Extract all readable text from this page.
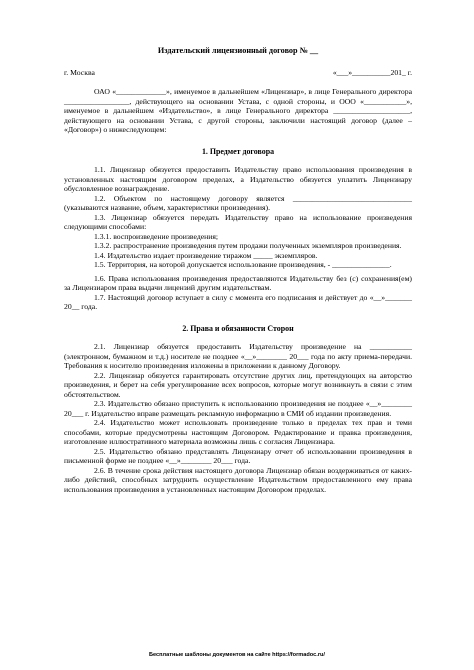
Издательский лицензионный договор № __
г. Москва	«___»__________201_ г.

ОАО «_____________», именуемое в дальнейшем «Лицензиар», в лице Генерального директора _________________, действующего на основании Устава, с одной стороны, и ООО «___________», именуемое в дальнейшем «Издательство», в лице Генерального директора ____________________, действующего на основании Устава, с другой стороны, заключили настоящий договор (далее – «Договор») о нижеследующем:

1. Предмет договора

1.1. Лицензиар обязуется предоставить Издательству право использования произведения в установленных настоящим договором пределах, а Издательство обязуется уплатить Лицензиару обусловленное вознаграждение.

1.2. Объектом по настоящему договору является _______________________________ (указываются название, объем, характеристики произведения).

1.3. Лицензиар обязуется передать Издательству право на использование произведения следующими способами:

1.3.1. воспроизведение произведения;

1.3.2. распространение произведения путем продажи полученных экземпляров произведения.

1.4. Издательство издает произведение тиражом _____ экземпляров.

1.5. Территория, на которой допускается использование произведения, - _______________.

1.6. Права использования произведения предоставляются Издательству без (с) сохранения(ем) за Лицензиаром права выдачи лицензий другим издательствам.

1.7. Настоящий договор вступает в силу с момента его подписания и действует до «__»_______ 20__ года.

2. Права и обязанности Сторон

2.1. Лицензиар обязуется предоставить Издательству произведение на ___________ (электронном, бумажном и т.д.) носителе не позднее «__»________ 20___ года по акту приема-передачи. Требования к носителю произведения изложены в приложении к данному Договору.

2.2. Лицензиар обязуется гарантировать отсутствие других лиц, претендующих на авторство произведения, и берет на себя урегулирование всех вопросов, которые могут возникнуть в связи с этим обстоятельством.

2.3. Издательство обязано приступить к использованию произведения не позднее «__»________ 20___ г. Издательство вправе размещать рекламную информацию в СМИ об издании произведения.

2.4. Издательство может использовать произведение только в пределах тех прав и теми способами, которые предусмотрены настоящим Договором. Редактирование и правка произведения, изготовление иллюстративного материала возможны лишь с согласия Лицензиара.

2.5. Издательство обязано представлять Лицензиару отчет об использовании произведения в письменной форме не позднее «__»________ 20___ года.

2.6. В течение срока действия настоящего договора Лицензиар обязан воздерживаться от каких-либо действий, способных затруднить осуществление Издательством предоставленного ему права использования произведения в установленных настоящим Договором пределах.

Бесплатные шаблоны документов на сайте https://formadoc.ru/
